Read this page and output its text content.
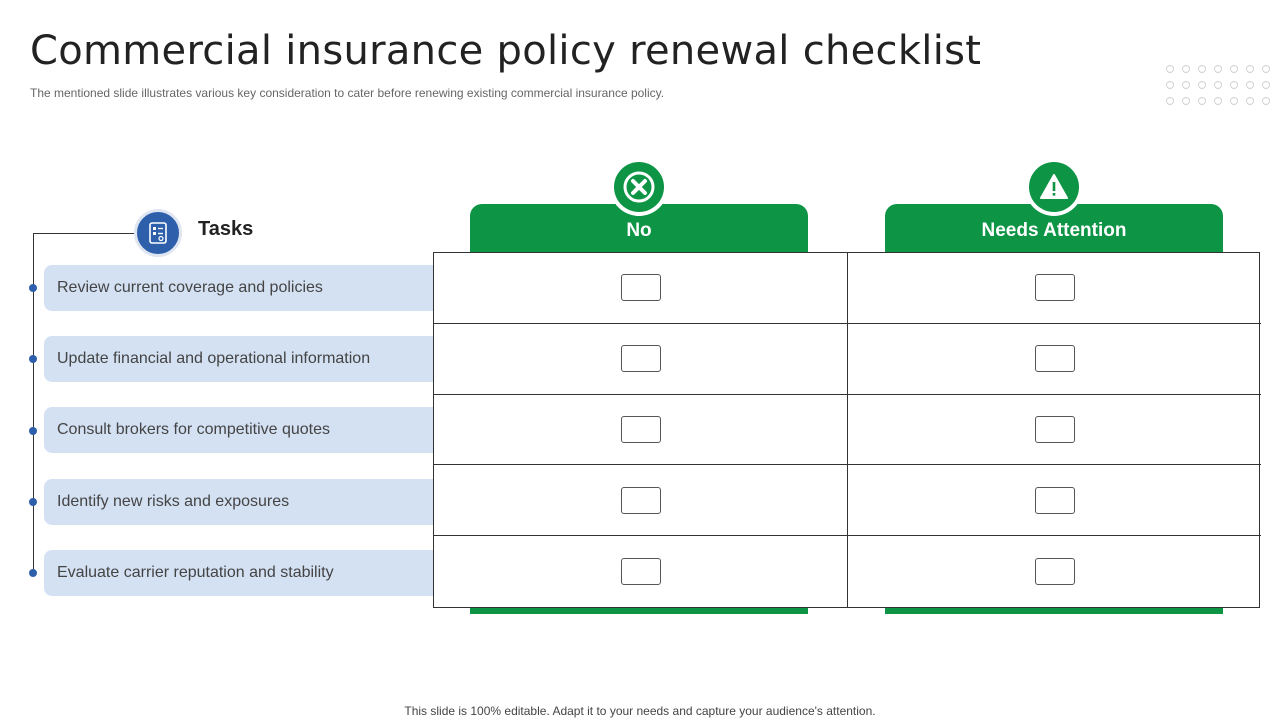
Commercial insurance policy renewal checklist
The mentioned slide illustrates various key consideration to cater before renewing existing commercial insurance policy.
Tasks
Review current coverage and policies
Update financial and operational information
Consult brokers for competitive quotes
Identify new risks and exposures
Evaluate carrier reputation and stability
No	Needs Attention
This slide is 100% editable. Adapt it to your needs and capture your audience's attention.
